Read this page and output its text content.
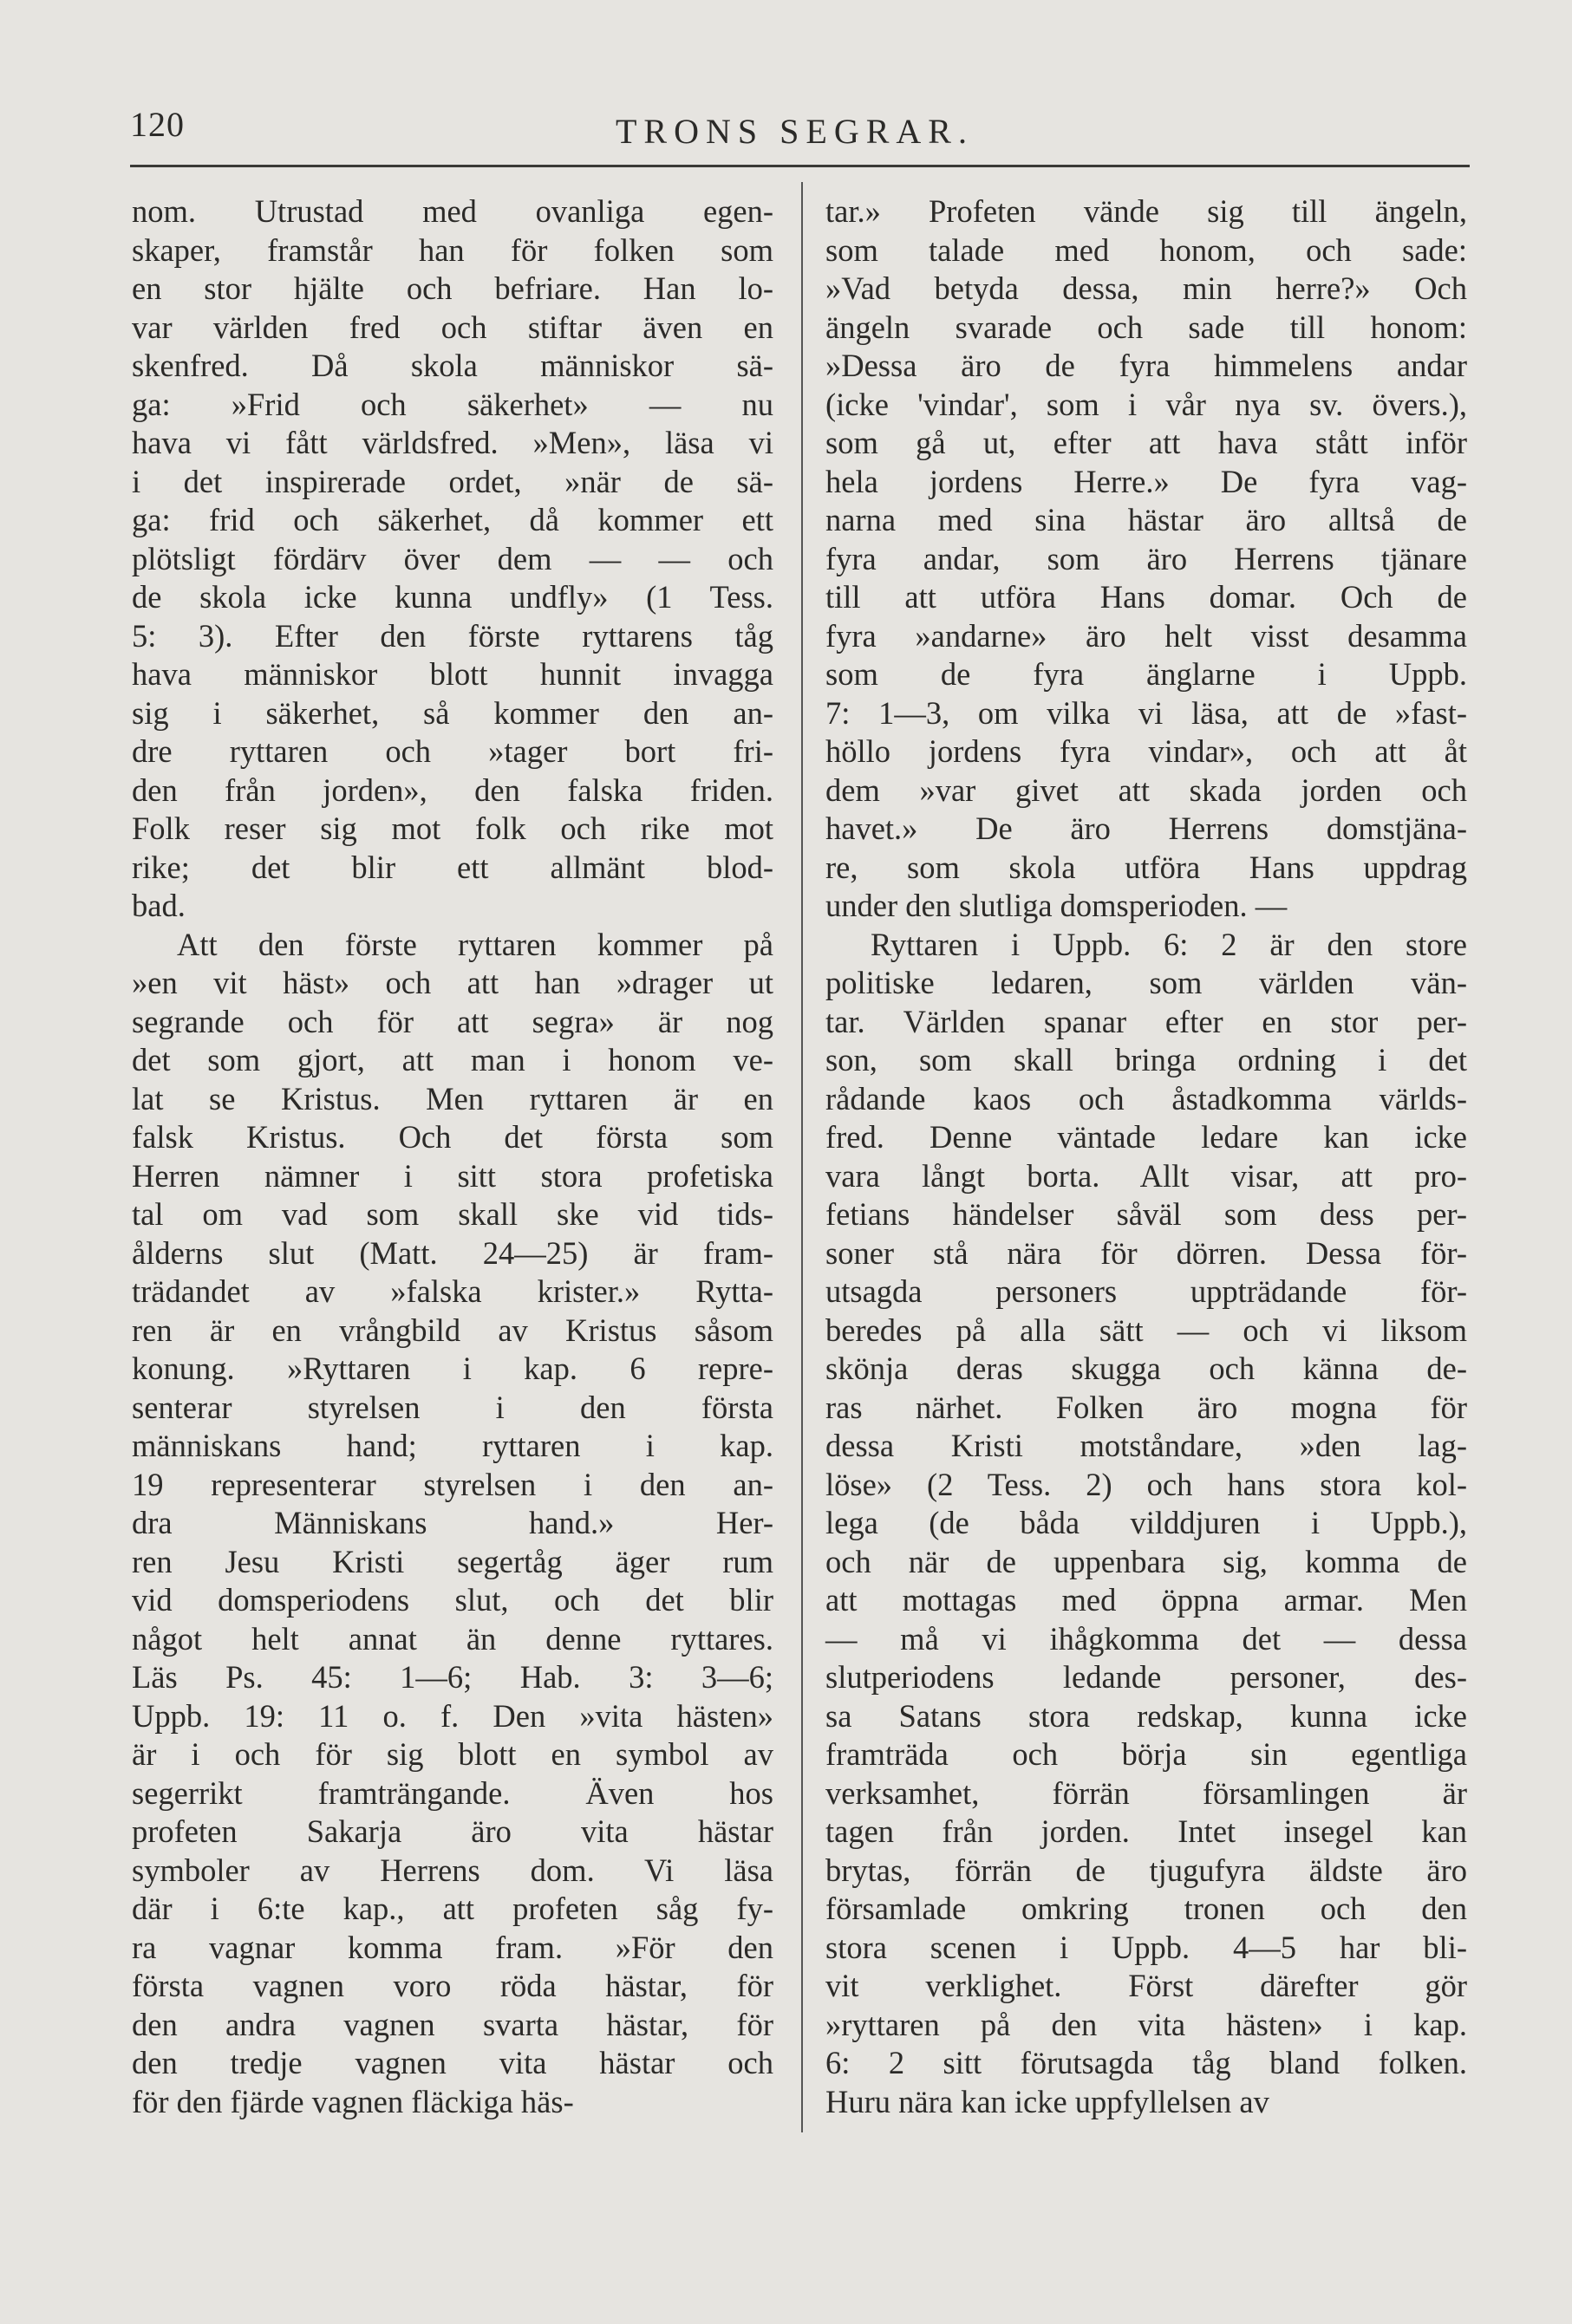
120	TRONS SEGRAR.
nom. Utrustad med ovanliga egen-
skaper, framstår han för folken som
en stor hjälte och befriare. Han lo-
var världen fred och stiftar även en
skenfred. Då skola människor sä-
ga: »Frid och säkerhet» — nu
hava vi fått världsfred. »Men», läsa vi
i det inspirerade ordet, »när de sä-
ga: frid och säkerhet, då kommer ett
plötsligt fördärv över dem — — och
de skola icke kunna undfly» (1 Tess.
5: 3). Efter den förste ryttarens tåg
hava människor blott hunnit invagga
sig i säkerhet, så kommer den an-
dre ryttaren och »tager bort fri-
den från jorden», den falska friden.
Folk reser sig mot folk och rike mot
rike; det blir ett allmänt blod-
bad.
Att den förste ryttaren kommer på
»en vit häst» och att han »drager ut
segrande och för att segra» är nog
det som gjort, att man i honom ve-
lat se Kristus. Men ryttaren är en
falsk Kristus. Och det första som
Herren nämner i sitt stora profetiska
tal om vad som skall ske vid tids-
ålderns slut (Matt. 24—25) är fram-
trädandet av »falska krister.» Rytta-
ren är en vrångbild av Kristus såsom
konung. »Ryttaren i kap. 6 repre-
senterar styrelsen i den första
människans hand; ryttaren i kap.
19 representerar styrelsen i den an-
dra Människans hand.» Her-
ren Jesu Kristi segertåg äger rum
vid domsperiodens slut, och det blir
något helt annat än denne ryttares.
Läs Ps. 45: 1—6; Hab. 3: 3—6;
Uppb. 19: 11 o. f. Den »vita hästen»
är i och för sig blott en symbol av
segerrikt framträngande. Även hos
profeten Sakarja äro vita hästar
symboler av Herrens dom. Vi läsa
där i 6:te kap., att profeten såg fy-
ra vagnar komma fram. »För den
första vagnen voro röda hästar, för
den andra vagnen svarta hästar, för
den tredje vagnen vita hästar och
för den fjärde vagnen fläckiga häs-
tar.» Profeten vände sig till ängeln,
som talade med honom, och sade:
»Vad betyda dessa, min herre?» Och
ängeln svarade och sade till honom:
»Dessa äro de fyra himmelens andar
(icke 'vindar', som i vår nya sv. övers.),
som gå ut, efter att hava stått inför
hela jordens Herre.» De fyra vag-
narna med sina hästar äro alltså de
fyra andar, som äro Herrens tjänare
till att utföra Hans domar. Och de
fyra »andarne» äro helt visst desamma
som de fyra änglarne i Uppb.
7: 1—3, om vilka vi läsa, att de »fast-
höllo jordens fyra vindar», och att åt
dem »var givet att skada jorden och
havet.» De äro Herrens domstjäna-
re, som skola utföra Hans uppdrag
under den slutliga domsperioden. —
Ryttaren i Uppb. 6: 2 är den store
politiske ledaren, som världen vän-
tar. Världen spanar efter en stor per-
son, som skall bringa ordning i det
rådande kaos och åstadkomma världs-
fred. Denne väntade ledare kan icke
vara långt borta. Allt visar, att pro-
fetians händelser såväl som dess per-
soner stå nära för dörren. Dessa för-
utsagda personers uppträdande för-
beredes på alla sätt — och vi liksom
skönja deras skugga och känna de-
ras närhet. Folken äro mogna för
dessa Kristi motståndare, »den lag-
löse» (2 Tess. 2) och hans stora kol-
lega (de båda vilddjuren i Uppb.),
och när de uppenbara sig, komma de
att mottagas med öppna armar. Men
— må vi ihågkomma det — dessa
slutperiodens ledande personer, des-
sa Satans stora redskap, kunna icke
framträda och börja sin egentliga
verksamhet, förrän församlingen är
tagen från jorden. Intet insegel kan
brytas, förrän de tjugufyra äldste äro
församlade omkring tronen och den
stora scenen i Uppb. 4—5 har bli-
vit verklighet. Först därefter gör
»ryttaren på den vita hästen» i kap.
6: 2 sitt förutsagda tåg bland folken.
Huru nära kan icke uppfyllelsen av
